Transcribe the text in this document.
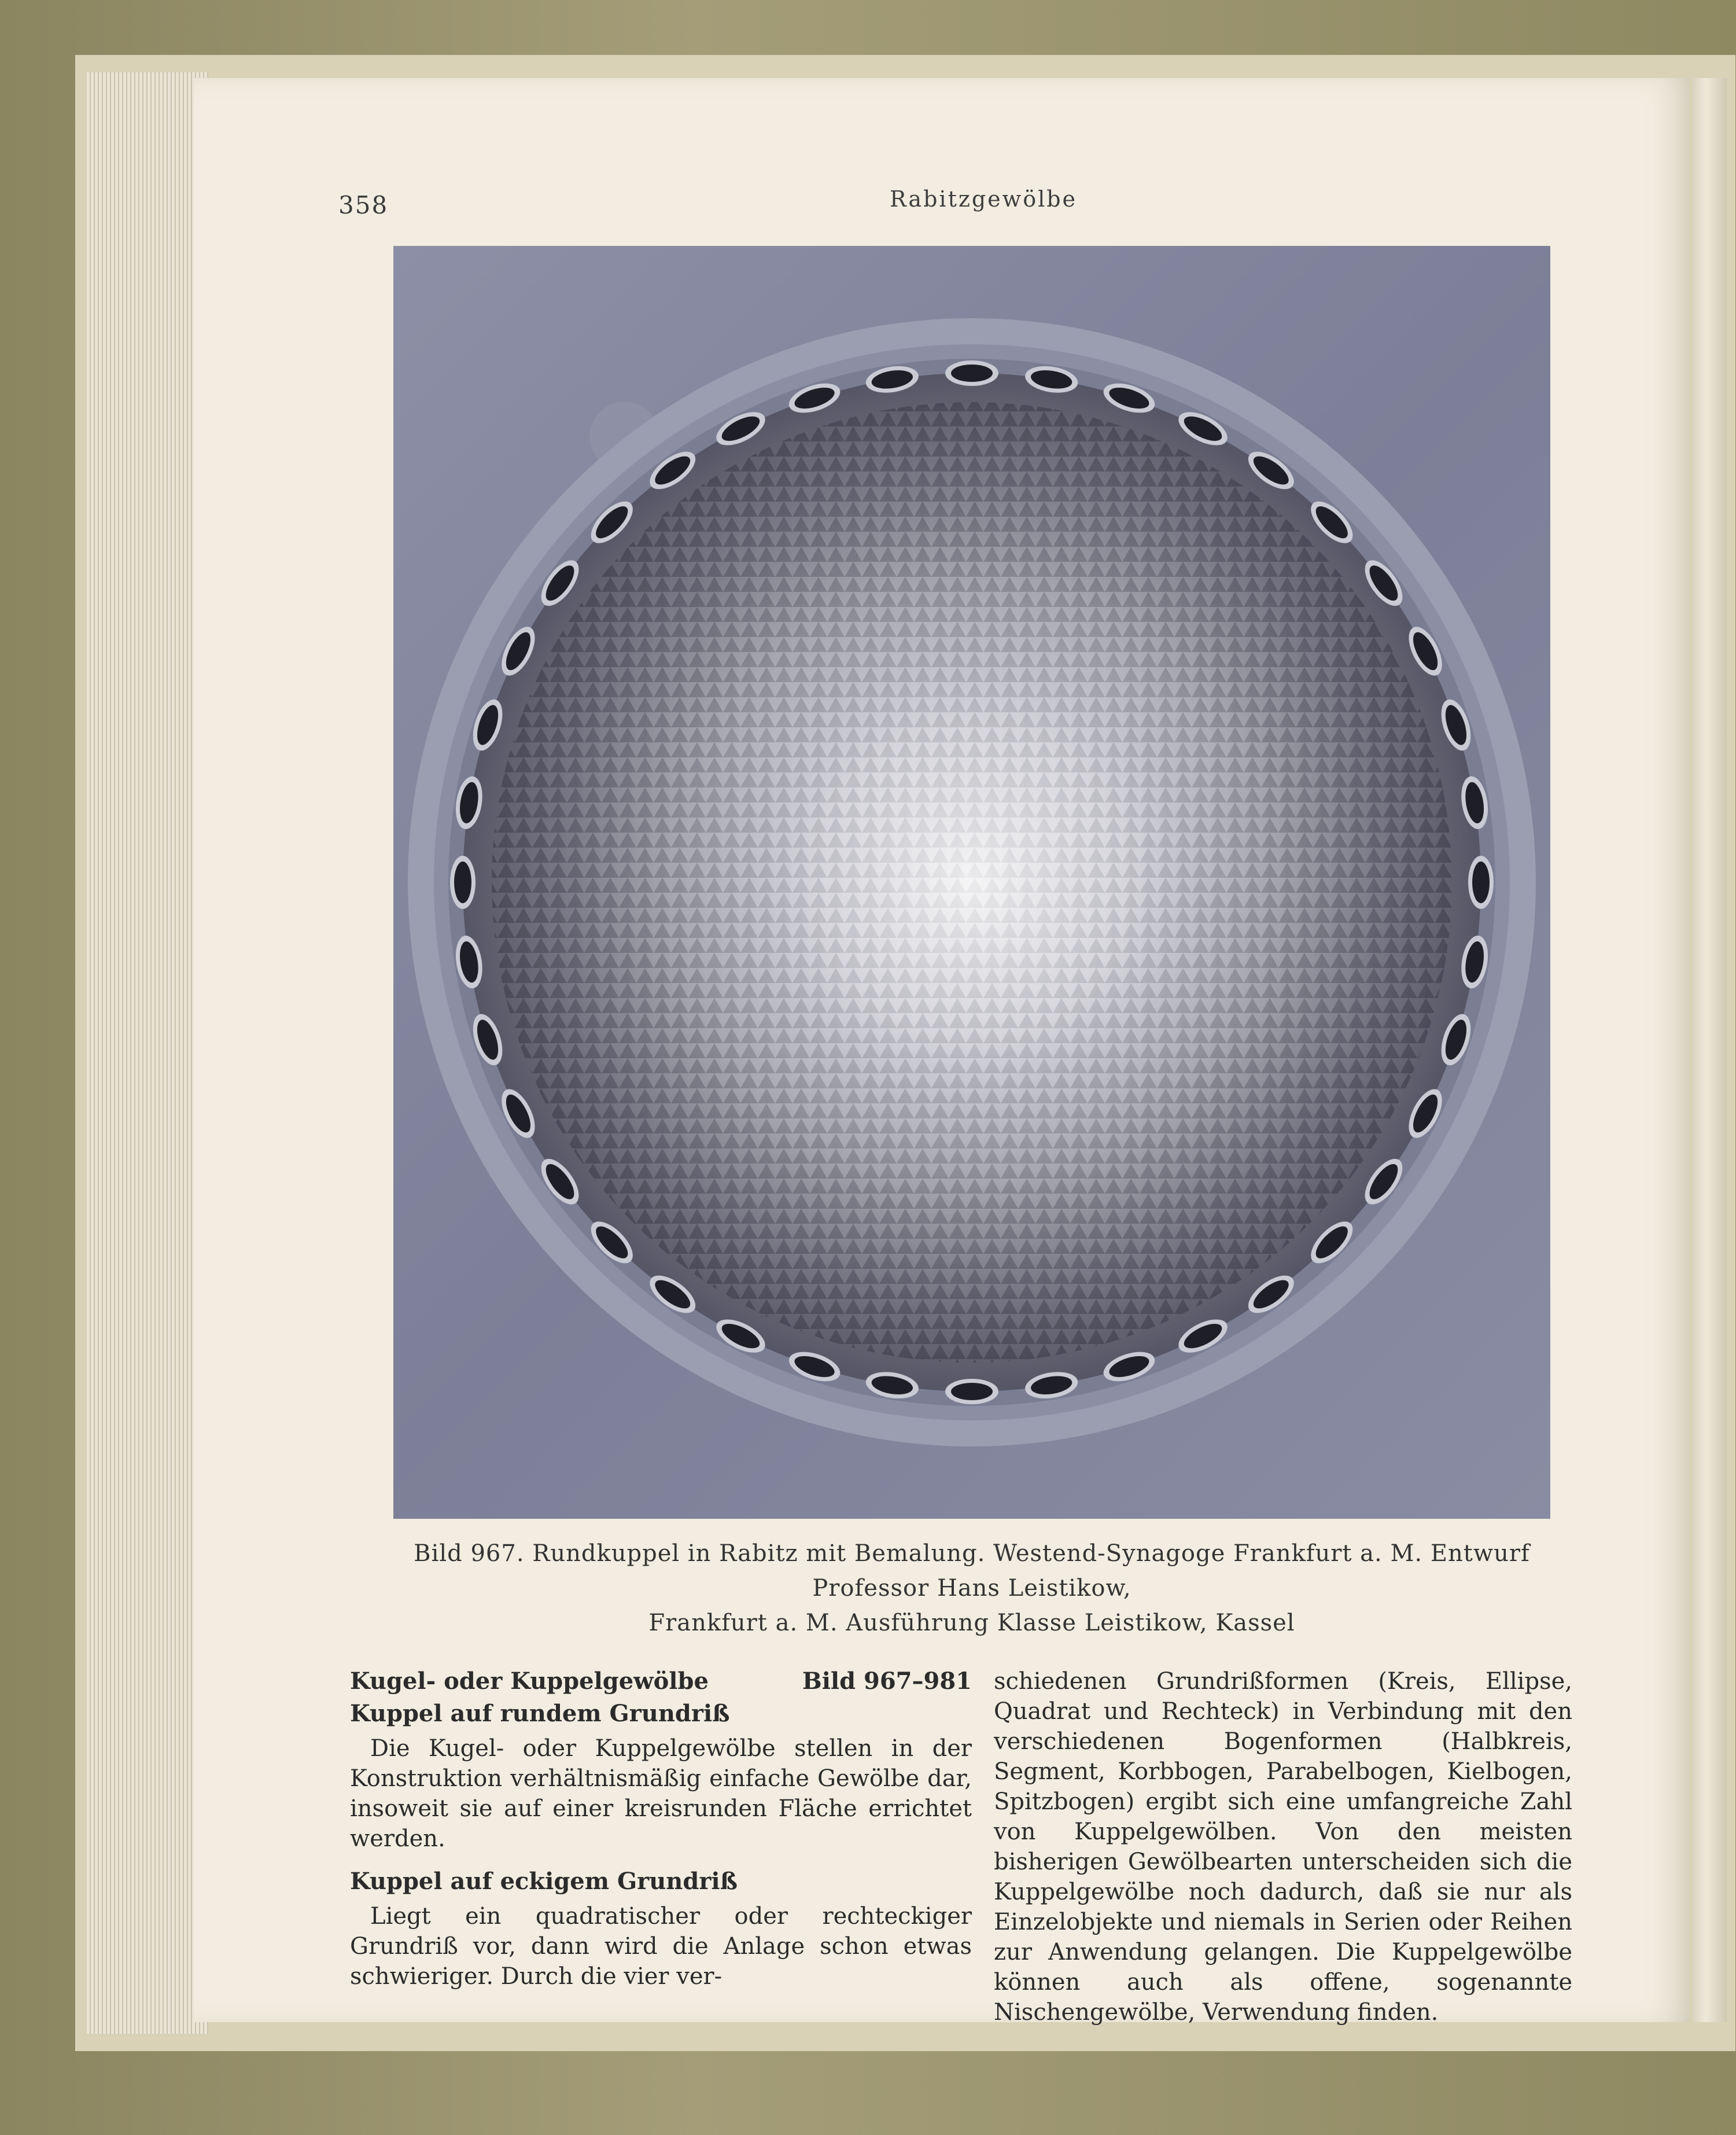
358	Rabitzgewölbe
Bild 967. Rundkuppel in Rabitz mit Bemalung. Westend-Synagoge Frankfurt a. M. Entwurf Professor Hans Leistikow,
Frankfurt a. M. Ausführung Klasse Leistikow, Kassel
Kugel- oder Kuppelgewölbe	Bild 967–981
Kuppel auf rundem Grundriß

Die Kugel- oder Kuppelgewölbe stellen in der Konstruktion verhältnismäßig einfache Gewölbe dar, insoweit sie auf einer kreisrunden Fläche errichtet werden.

Kuppel auf eckigem Grundriß

Liegt ein quadratischer oder rechteckiger Grundriß vor, dann wird die Anlage schon etwas schwieriger. Durch die vier ver-

schiedenen Grundrißformen (Kreis, Ellipse, Quadrat und Rechteck) in Verbindung mit den verschiedenen Bogenformen (Halbkreis, Segment, Korbbogen, Parabelbogen, Kielbogen, Spitzbogen) ergibt sich eine umfangreiche Zahl von Kuppelgewölben. Von den meisten bisherigen Gewölbearten unterscheiden sich die Kuppelgewölbe noch dadurch, daß sie nur als Einzelobjekte und niemals in Serien oder Reihen zur Anwendung gelangen. Die Kuppelgewölbe können auch als offene, sogenannte Nischengewölbe, Verwendung finden.
